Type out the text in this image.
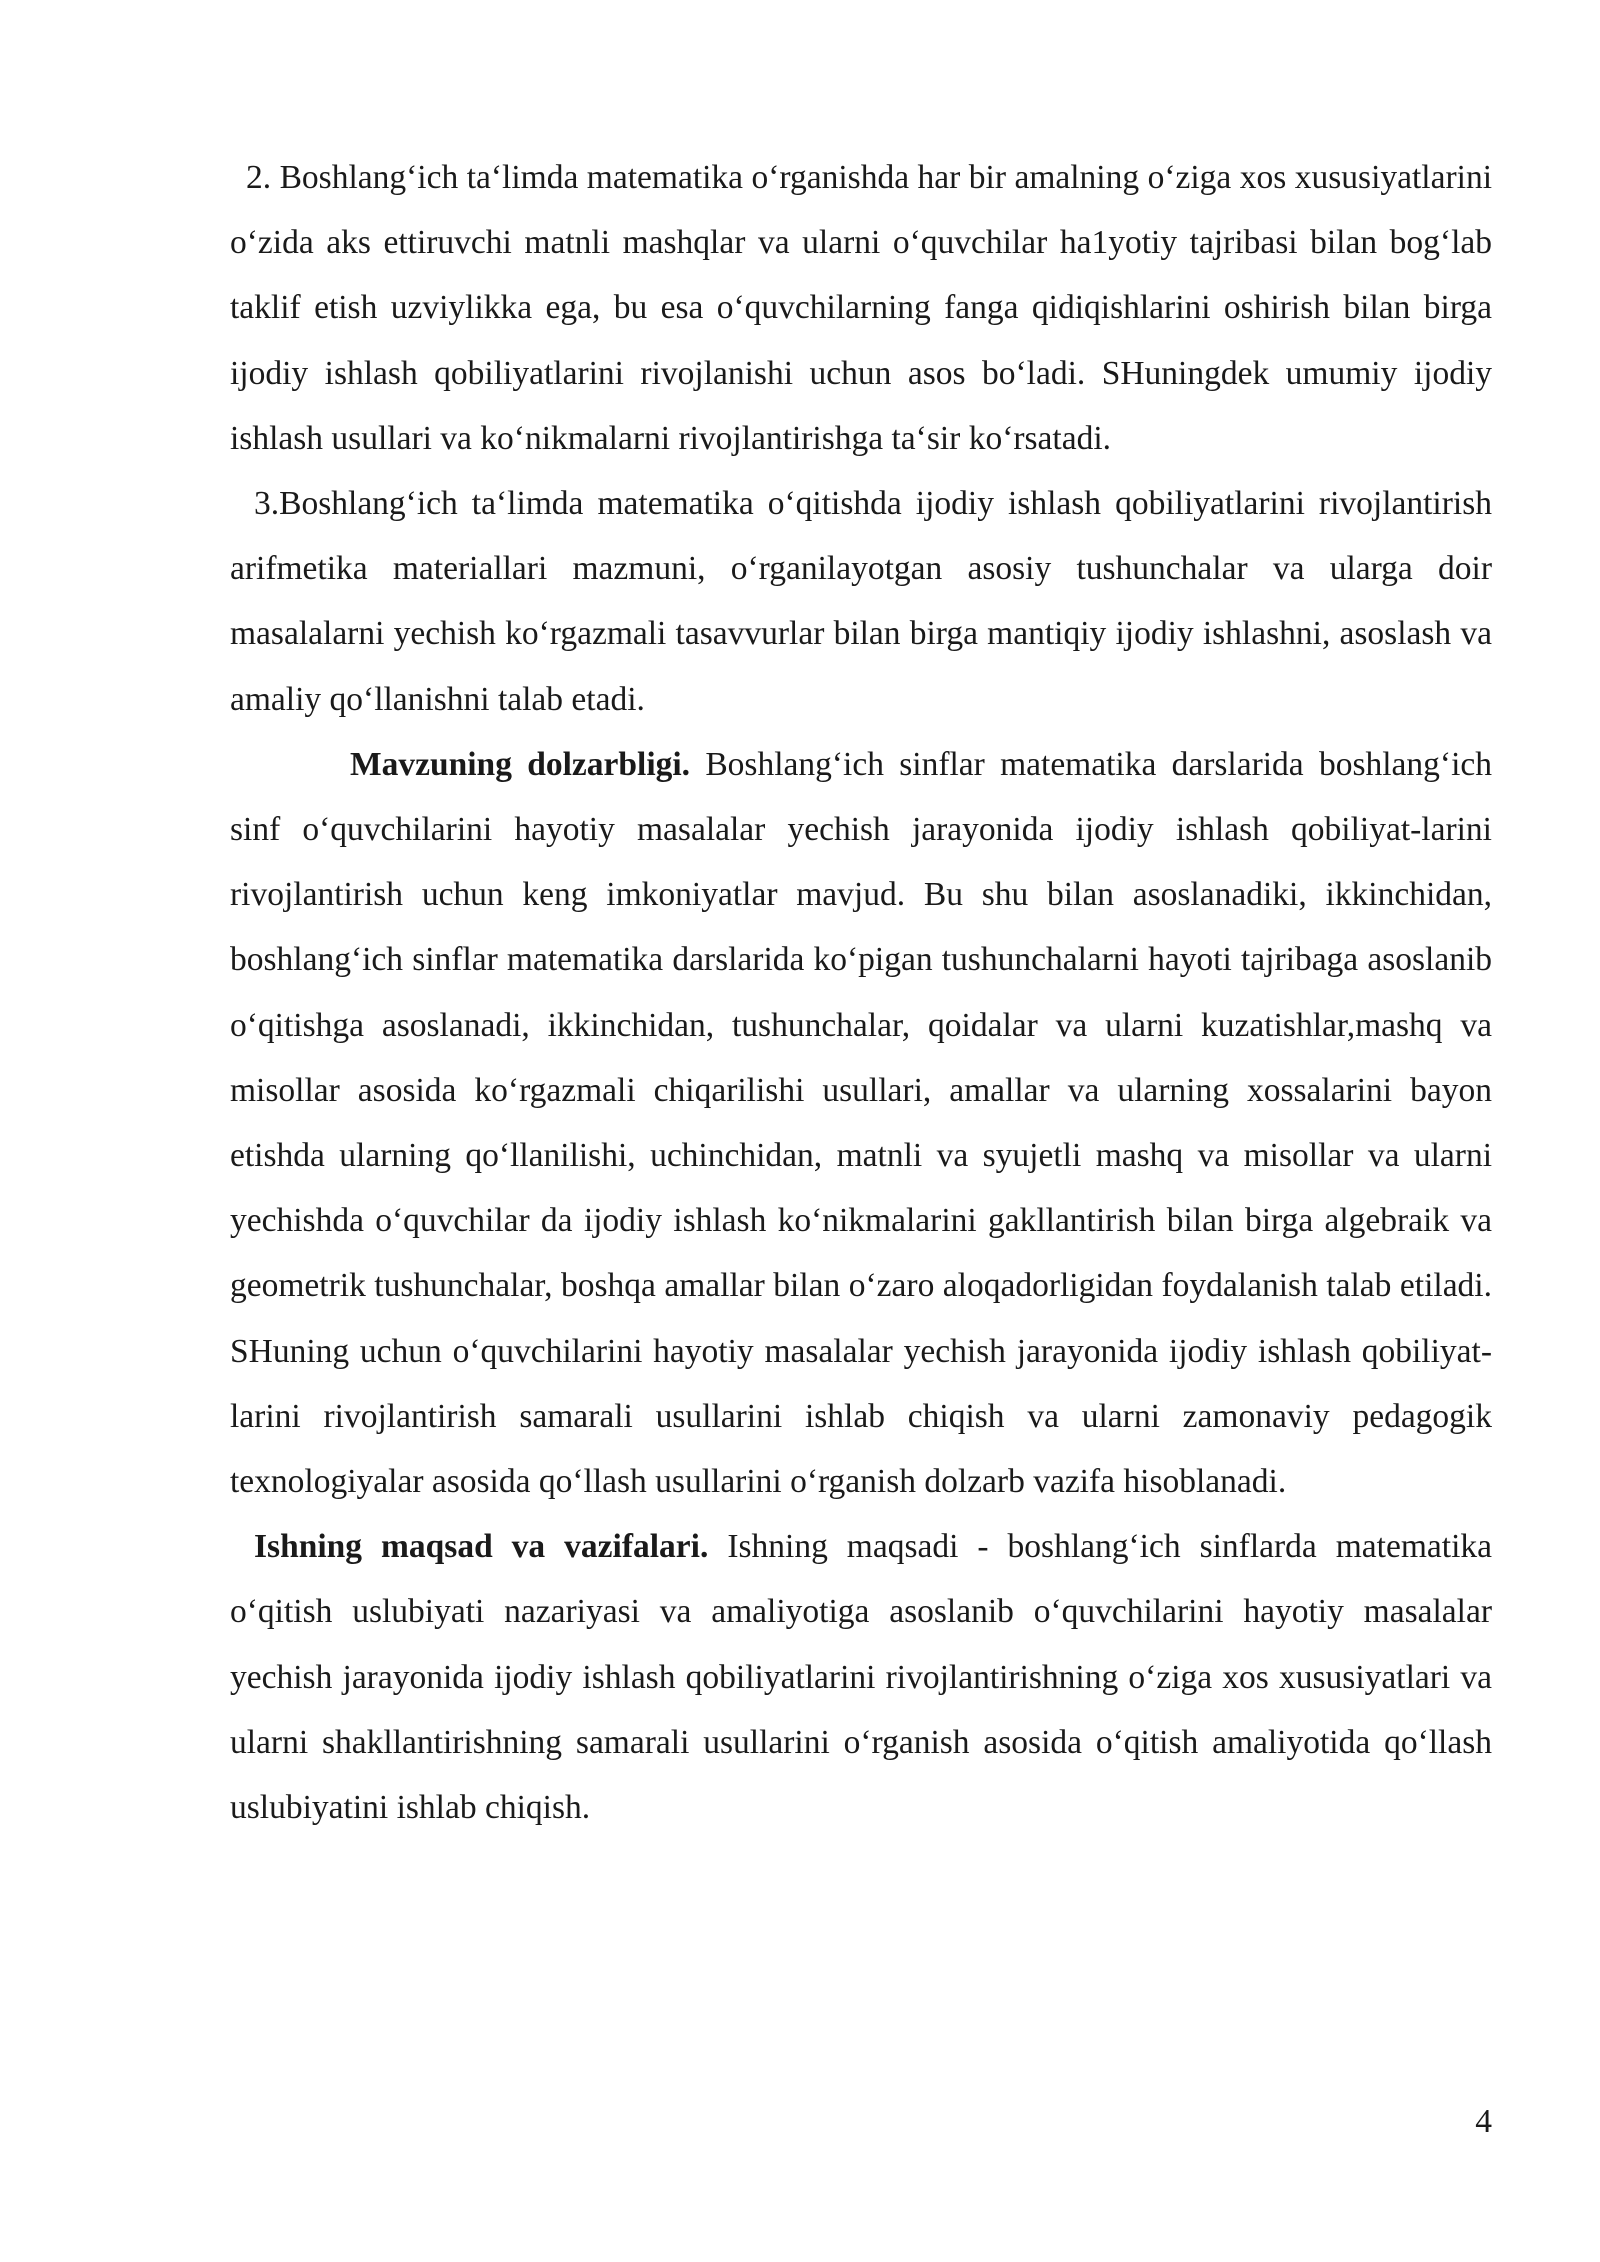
2. Boshlang‘ich ta‘limda matematika o‘rganishda har bir amalning o‘ziga xos xususiyatlarini o‘zida aks ettiruvchi matnli mashqlar va ularni o‘quvchilar ha1yotiy tajribasi bilan bog‘lab taklif etish uzviylikka ega, bu esa o‘quvchilarning fanga qidiqishlarini oshirish bilan birga ijodiy ishlash qobiliyatlarini rivojlanishi uchun asos bo‘ladi. SHuningdek umumiy ijodiy ishlash usullari va ko‘nikmalarni rivojlantirishga ta‘sir ko‘rsatadi.

3.Boshlang‘ich ta‘limda matematika o‘qitishda ijodiy ishlash qobiliyatlarini rivojlantirish arifmetika materiallari mazmuni, o‘rganilayotgan asosiy tushunchalar va ularga doir masalalarni yechish ko‘rgazmali tasavvurlar bilan birga mantiqiy ijodiy ishlashni, asoslash va amaliy qo‘llanishni talab etadi.

Mavzuning dolzarbligi. Boshlang‘ich sinflar matematika darslarida boshlang‘ich sinf o‘quvchilarini hayotiy masalalar yechish jarayonida ijodiy ishlash qobiliyat-larini rivojlantirish uchun keng imkoniyatlar mavjud. Bu shu bilan asoslanadiki, ikkinchidan, boshlang‘ich sinflar matematika darslarida ko‘pigan tushunchalarni hayoti tajribaga asoslanib o‘qitishga asoslanadi, ikkinchidan, tushunchalar, qoidalar va ularni kuzatishlar,mashq va misollar asosida ko‘rgazmali chiqarilishi usullari, amallar va ularning xossalarini bayon etishda ularning qo‘llanilishi, uchinchidan, matnli va syujetli mashq va misollar va ularni yechishda o‘quvchilar da ijodiy ishlash ko‘nikmalarini gakllantirish bilan birga algebraik va geometrik tushunchalar, boshqa amallar bilan o‘zaro aloqadorligidan foydalanish talab etiladi. SHuning uchun o‘quvchilarini hayotiy masalalar yechish jarayonida ijodiy ishlash qobiliyat-larini rivojlantirish samarali usullarini ishlab chiqish va ularni zamonaviy pedagogik texnologiyalar asosida qo‘llash usullarini o‘rganish dolzarb vazifa hisoblanadi.

Ishning maqsad va vazifalari. Ishning maqsadi - boshlang‘ich sinflarda matematika o‘qitish uslubiyati nazariyasi va amaliyotiga asoslanib o‘quvchilarini hayotiy masalalar yechish jarayonida ijodiy ishlash qobiliyatlarini rivojlantirishning o‘ziga xos xususiyatlari va ularni shakllantirishning samarali usullarini o‘rganish asosida o‘qitish amaliyotida qo‘llash uslubiyatini ishlab chiqish.

4
